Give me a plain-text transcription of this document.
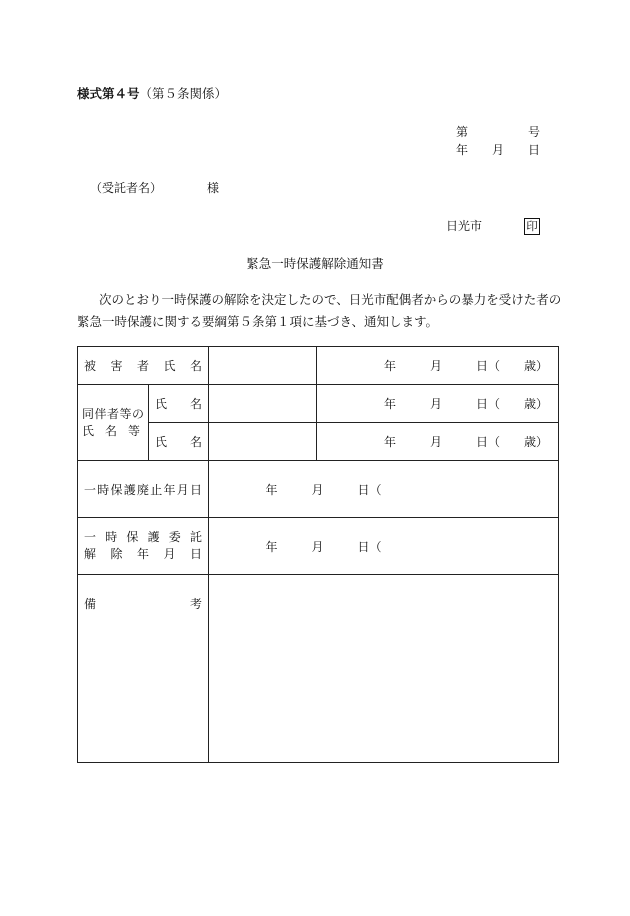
様式第４号（第５条関係）
第	号
年 月 日
（受託者名）	様
日光市	印
緊急一時保護解除通知書
次のとおり一時保護の解除を決定したので、日光市配偶者からの暴力を受けた者の緊急一時保護に関する要綱第５条第１項に基づき、通知します。
被害者氏名			年 月 日（ 歳）

同伴者等の
氏名等	氏名		年 月 日（ 歳）
	氏名		年 月 日（ 歳）
一時保護廃止年月日		年 月 日（	

一時保護委託
解除年月日		年 月 日（	
備考			
